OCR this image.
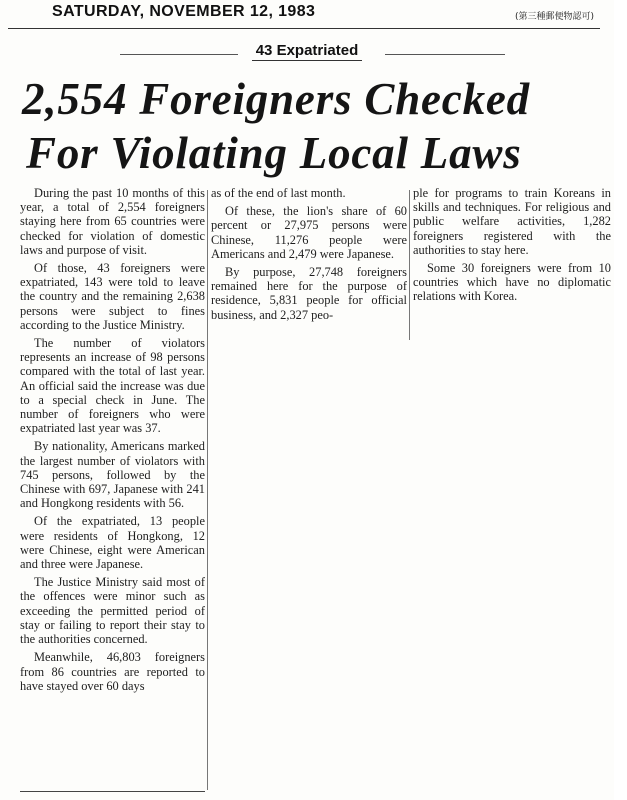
SATURDAY, NOVEMBER 12, 1983	(第三種郵便物認可)
43 Expatriated
2,554 Foreigners Checked
For Violating Local Laws

During the past 10 months of this year, a total of 2,554 foreigners staying here from 65 countries were checked for violation of domestic laws and purpose of visit.

Of those, 43 foreigners were expatriated, 143 were told to leave the country and the remaining 2,638 persons were subject to fines according to the Justice Ministry.

The number of violators represents an increase of 98 persons compared with the total of last year. An official said the increase was due to a special check in June. The number of foreigners who were expatriated last year was 37.

By nationality, Americans marked the largest number of violators with 745 persons, followed by the Chinese with 697, Japanese with 241 and Hongkong residents with 56.

Of the expatriated, 13 people were residents of Hongkong, 12 were Chinese, eight were American and three were Japanese.

The Justice Ministry said most of the offences were minor such as exceeding the permitted period of stay or failing to report their stay to the authorities concerned.

Meanwhile, 46,803 foreigners from 86 countries are reported to have stayed over 60 days

as of the end of last month.

Of these, the lion's share of 60 percent or 27,975 persons were Chinese, 11,276 people were Americans and 2,479 were Japanese.

By purpose, 27,748 foreigners remained here for the purpose of residence, 5,831 people for official business, and 2,327 peo-

ple for programs to train Koreans in skills and techniques. For religious and public welfare activities, 1,282 foreigners registered with the authorities to stay here.

Some 30 foreigners were from 10 countries which have no diplomatic relations with Korea.
